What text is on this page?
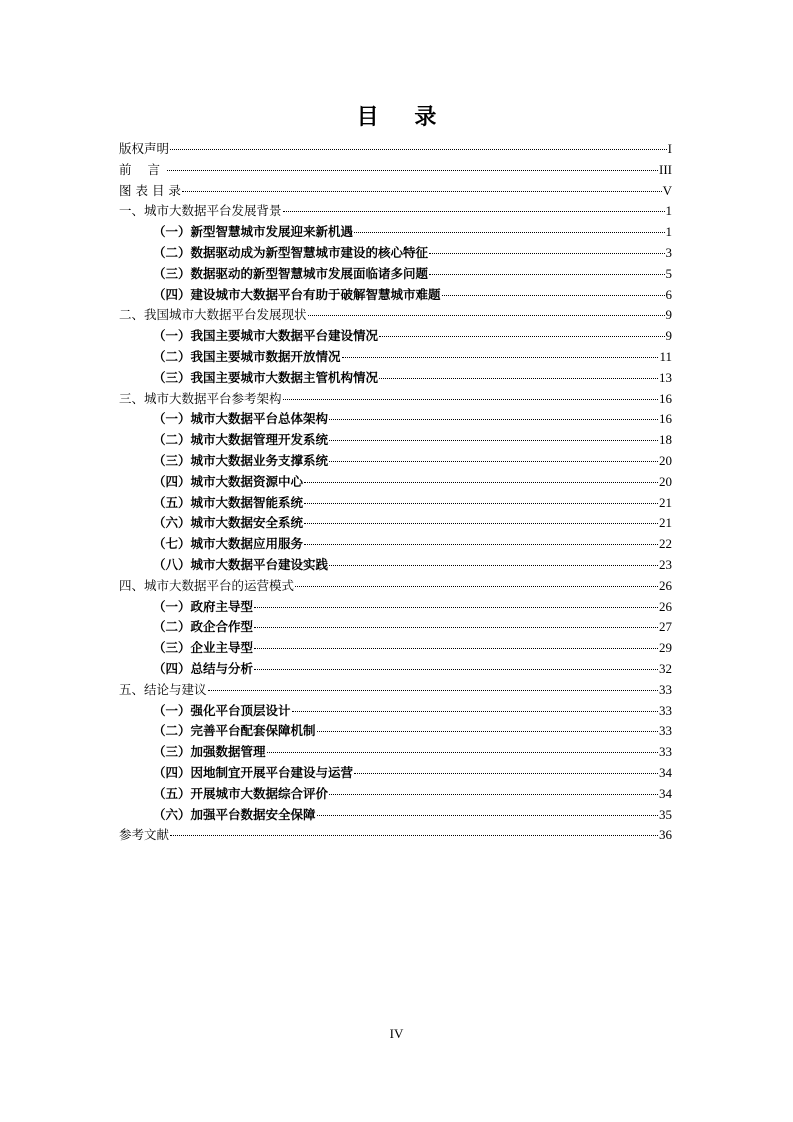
目 录
版权声明	I
前 言	III
图 表 目 录	V
一、城市大数据平台发展背景	1
（一）新型智慧城市发展迎来新机遇	1
（二）数据驱动成为新型智慧城市建设的核心特征	3
（三）数据驱动的新型智慧城市发展面临诸多问题	5
（四）建设城市大数据平台有助于破解智慧城市难题	6
二、我国城市大数据平台发展现状	9
（一）我国主要城市大数据平台建设情况	9
（二）我国主要城市数据开放情况	11
（三）我国主要城市大数据主管机构情况	13
三、城市大数据平台参考架构	16
（一）城市大数据平台总体架构	16
（二）城市大数据管理开发系统	18
（三）城市大数据业务支撑系统	20
（四）城市大数据资源中心	20
（五）城市大数据智能系统	21
（六）城市大数据安全系统	21
（七）城市大数据应用服务	22
（八）城市大数据平台建设实践	23
四、城市大数据平台的运营模式	26
（一）政府主导型	26
（二）政企合作型	27
（三）企业主导型	29
（四）总结与分析	32
五、结论与建议	33
（一）强化平台顶层设计	33
（二）完善平台配套保障机制	33
（三）加强数据管理	33
（四）因地制宜开展平台建设与运营	34
（五）开展城市大数据综合评价	34
（六）加强平台数据安全保障	35
参考文献	36
IV
